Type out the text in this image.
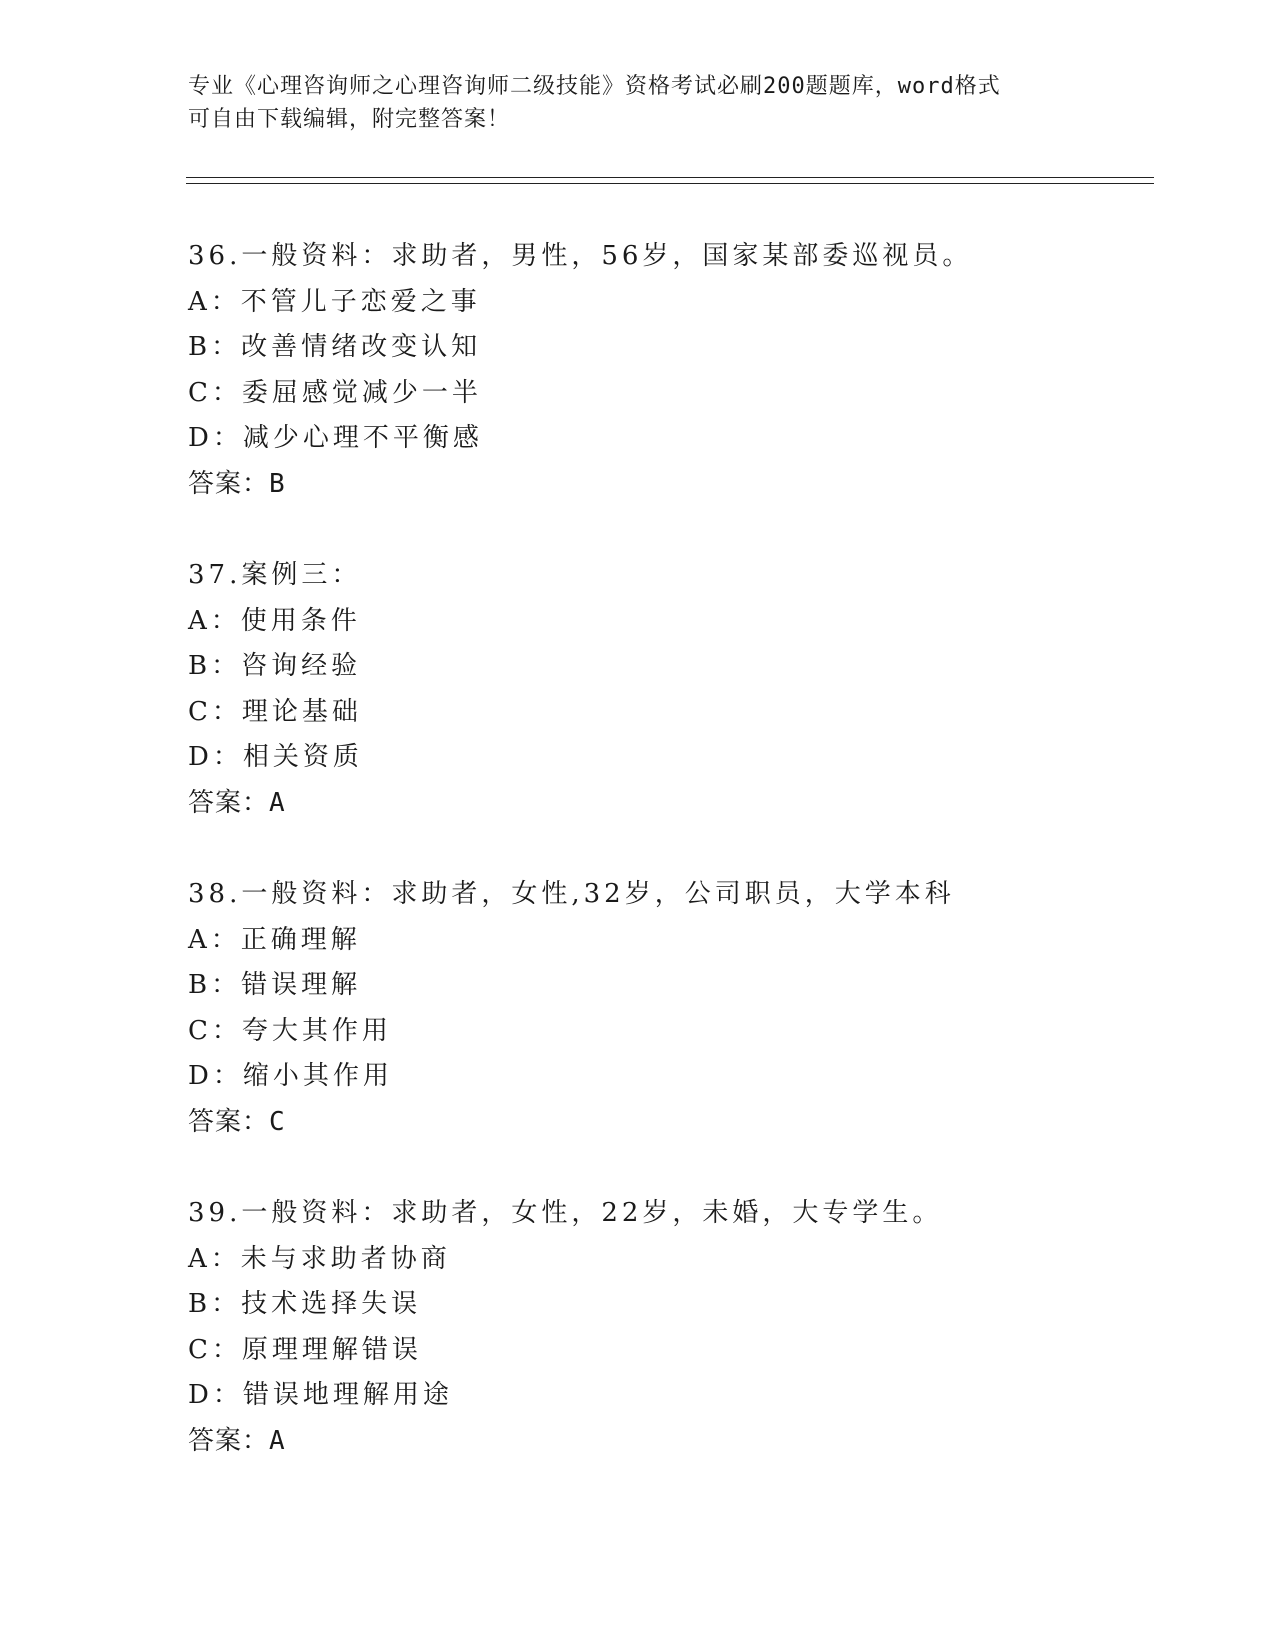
专业《心理咨询师之心理咨询师二级技能》资格考试必刷200题题库，word格式
可自由下载编辑，附完整答案！
36.一般资料：求助者，男性，56岁，国家某部委巡视员。
A：不管儿子恋爱之事
B：改善情绪改变认知
C：委屈感觉减少一半
D：减少心理不平衡感
答案：B
37.案例三：
A：使用条件
B：咨询经验
C：理论基础
D：相关资质
答案：A
38.一般资料：求助者，女性,32岁，公司职员，大学本科
A：正确理解
B：错误理解
C：夸大其作用
D：缩小其作用
答案：C
39.一般资料：求助者，女性，22岁，未婚，大专学生。
A：未与求助者协商
B：技术选择失误
C：原理理解错误
D：错误地理解用途
答案：A
